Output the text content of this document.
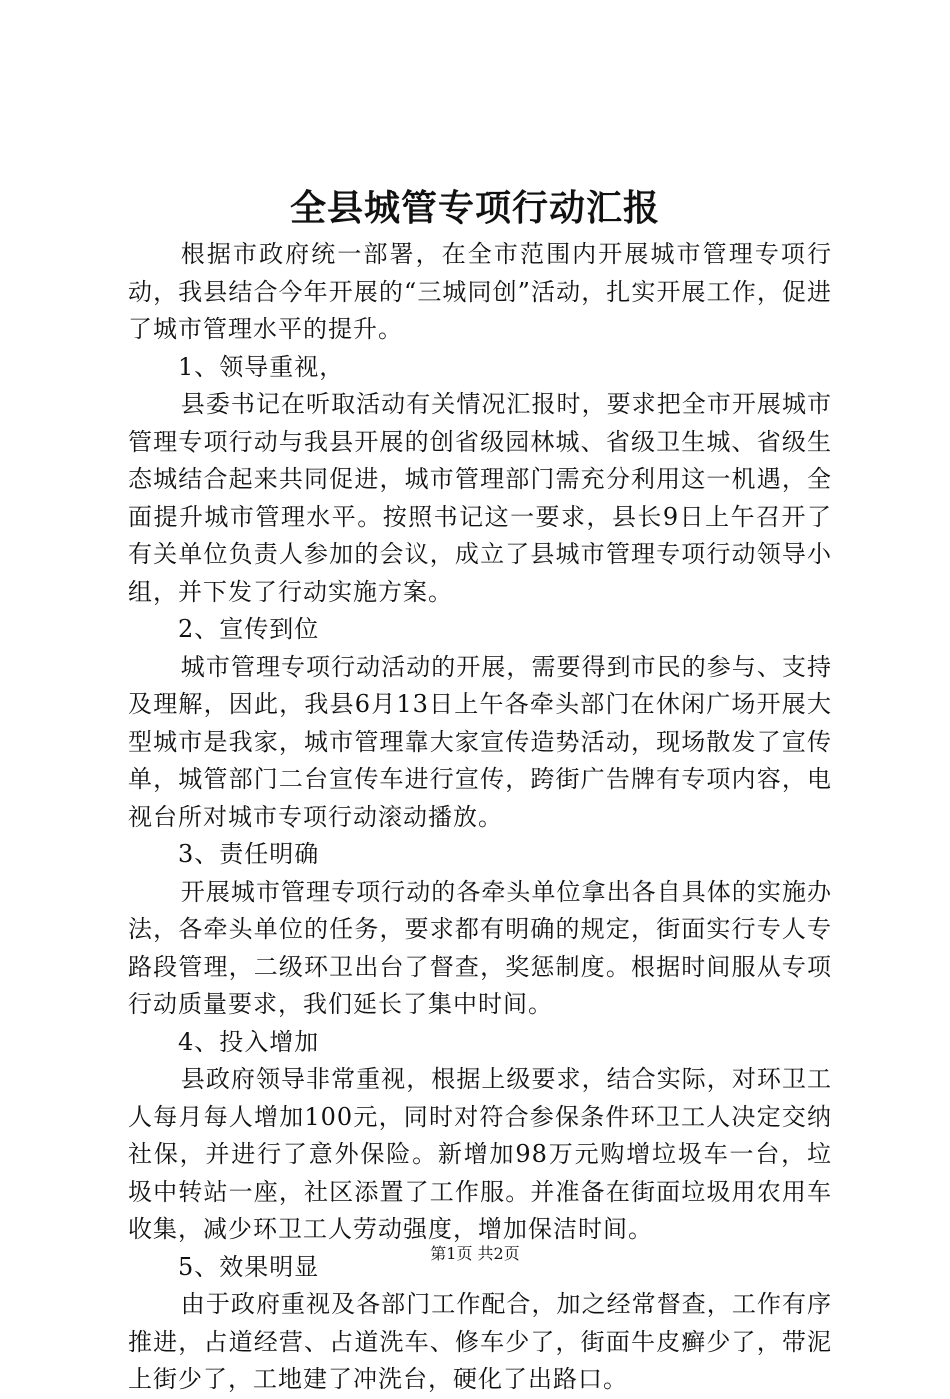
全县城管专项行动汇报

根据市政府统一部署，在全市范围内开展城市管理专项行动，我县结合今年开展的“三城同创”活动，扎实开展工作，促进了城市管理水平的提升。

1、领导重视，

县委书记在听取活动有关情况汇报时，要求把全市开展城市管理专项行动与我县开展的创省级园林城、省级卫生城、省级生态城结合起来共同促进，城市管理部门需充分利用这一机遇，全面提升城市管理水平。按照书记这一要求，县长9日上午召开了有关单位负责人参加的会议，成立了县城市管理专项行动领导小组，并下发了行动实施方案。

2、宣传到位

城市管理专项行动活动的开展，需要得到市民的参与、支持及理解，因此，我县6月13日上午各牵头部门在休闲广场开展大型城市是我家，城市管理靠大家宣传造势活动，现场散发了宣传单，城管部门二台宣传车进行宣传，跨街广告牌有专项内容，电视台所对城市专项行动滚动播放。

3、责任明确

开展城市管理专项行动的各牵头单位拿出各自具体的实施办法，各牵头单位的任务，要求都有明确的规定，街面实行专人专路段管理，二级环卫出台了督查，奖惩制度。根据时间服从专项行动质量要求，我们延长了集中时间。

4、投入增加

县政府领导非常重视，根据上级要求，结合实际，对环卫工人每月每人增加100元，同时对符合参保条件环卫工人决定交纳社保，并进行了意外保险。新增加98万元购增垃圾车一台，垃圾中转站一座，社区添置了工作服。并准备在街面垃圾用农用车收集，减少环卫工人劳动强度，增加保洁时间。

5、效果明显

由于政府重视及各部门工作配合，加之经常督查，工作有序推进，占道经营、占道洗车、修车少了，街面牛皮癣少了，带泥上街少了，工地建了冲洗台，硬化了出路口。

第1页 共2页
